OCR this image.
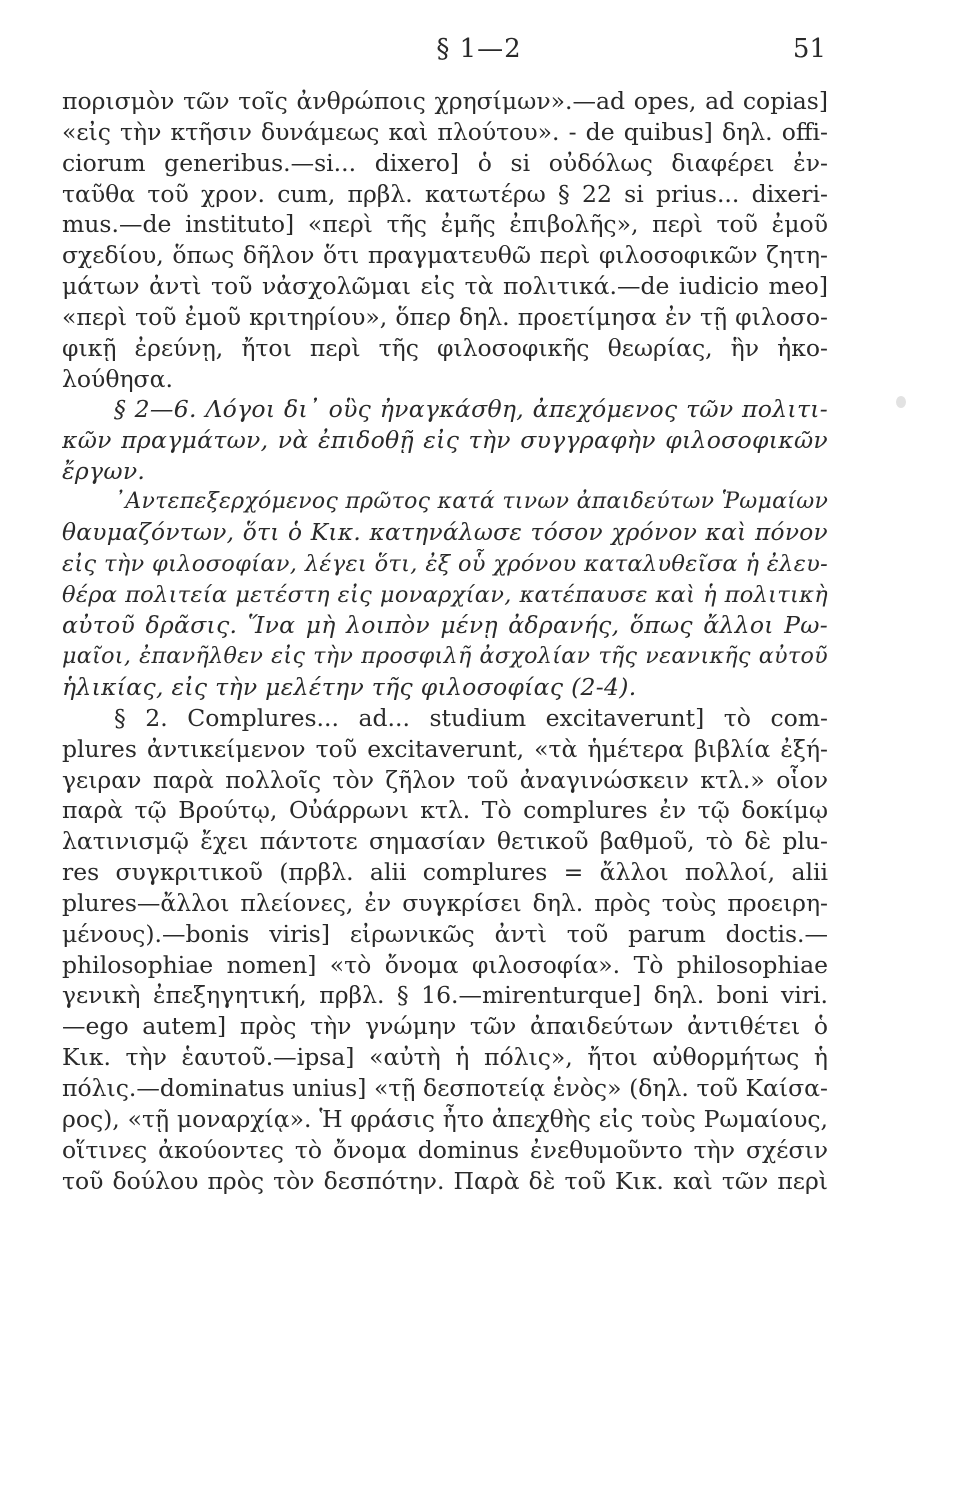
§ 1—2	51
πορισμὸν τῶν τοῖς ἀνθρώποις χρησίμων».—ad opes, ad copias]
«εἰς τὴν κτῆσιν δυνάμεως καὶ πλούτου». - de quibus] δηλ. offi-
ciorum generibus.—si... dixero] ὁ si οὐδόλως διαφέρει ἐν-
ταῦθα τοῦ χρον. cum, πρβλ. κατωτέρω § 22 si prius... dixeri-
mus.—de instituto] «περὶ τῆς ἐμῆς ἐπιβολῆς», περὶ τοῦ ἐμοῦ
σχεδίου, ὅπως δῆλον ὅτι πραγματευθῶ περὶ φιλοσοφικῶν ζητη-
μάτων ἀντὶ τοῦ νἀσχολῶμαι εἰς τὰ πολιτικά.—de iudicio meo]
«περὶ τοῦ ἐμοῦ κριτηρίου», ὅπερ δηλ. προετίμησα ἐν τῇ φιλοσο-
φικῇ ἐρεύνῃ, ἤτοι περὶ τῆς φιλοσοφικῆς θεωρίας, ἣν ἠκο-
λούθησα.
§ 2—6. Λόγοι δι᾽ οὓς ἠναγκάσθη, ἀπεχόμενος τῶν πολιτι-
κῶν πραγμάτων, νὰ ἐπιδοθῇ εἰς τὴν συγγραφὴν φιλοσοφικῶν
ἔργων.
᾿Αντεπεξερχόμενος πρῶτος κατά τινων ἀπαιδεύτων Ῥωμαίων
θαυμαζόντων, ὅτι ὁ Κικ. κατηνάλωσε τόσον χρόνον καὶ πόνον
εἰς τὴν φιλοσοφίαν, λέγει ὅτι, ἐξ οὗ χρόνου καταλυθεῖσα ἡ ἐλευ-
θέρα πολιτεία μετέστη εἰς μοναρχίαν, κατέπαυσε καὶ ἡ πολιτικὴ
αὐτοῦ δρᾶσις. Ἵνα μὴ λοιπὸν μένῃ ἀδρανής, ὅπως ἄλλοι Ρω-
μαῖοι, ἐπανῆλθεν εἰς τὴν προσφιλῆ ἀσχολίαν τῆς νεανικῆς αὐτοῦ
ἡλικίας, εἰς τὴν μελέτην τῆς φιλοσοφίας (2-4).
§ 2. Complures... ad... studium excitaverunt] τὸ com-
plures ἀντικείμενον τοῦ excitaverunt, «τὰ ἡμέτερα βιβλία ἐξή-
γειραν παρὰ πολλοῖς τὸν ζῆλον τοῦ ἀναγινώσκειν κτλ.» οἷον
παρὰ τῷ Βρούτῳ, Οὐάρρωνι κτλ. Τὸ complures ἐν τῷ δοκίμῳ
λατινισμῷ ἔχει πάντοτε σημασίαν θετικοῦ βαθμοῦ, τὸ δὲ plu-
res συγκριτικοῦ (πρβλ. alii complures = ἄλλοι πολλοί, alii
plures—ἄλλοι πλείονες, ἐν συγκρίσει δηλ. πρὸς τοὺς προειρη-
μένους).—bonis viris] εἰρωνικῶς ἀντὶ τοῦ parum doctis.—
philosophiae nomen] «τὸ ὄνομα φιλοσοφία». Τὸ philosophiae
γενικὴ ἐπεξηγητική, πρβλ. § 16.—mirenturque] δηλ. boni viri.
—ego autem] πρὸς τὴν γνώμην τῶν ἀπαιδεύτων ἀντιθέτει ὁ
Κικ. τὴν ἑαυτοῦ.—ipsa] «αὐτὴ ἡ πόλις», ἤτοι αὐθορμήτως ἡ
πόλις.—dominatus unius] «τῇ δεσποτείᾳ ἑνὸς» (δηλ. τοῦ Καίσα-
ρος), «τῇ μοναρχίᾳ». Ἡ φράσις ἦτο ἀπεχθὴς εἰς τοὺς Ρωμαίους,
οἵτινες ἀκούοντες τὸ ὄνομα dominus ἐνεθυμοῦντο τὴν σχέσιν
τοῦ δούλου πρὸς τὸν δεσπότην. Παρὰ δὲ τοῦ Κικ. καὶ τῶν περὶ
